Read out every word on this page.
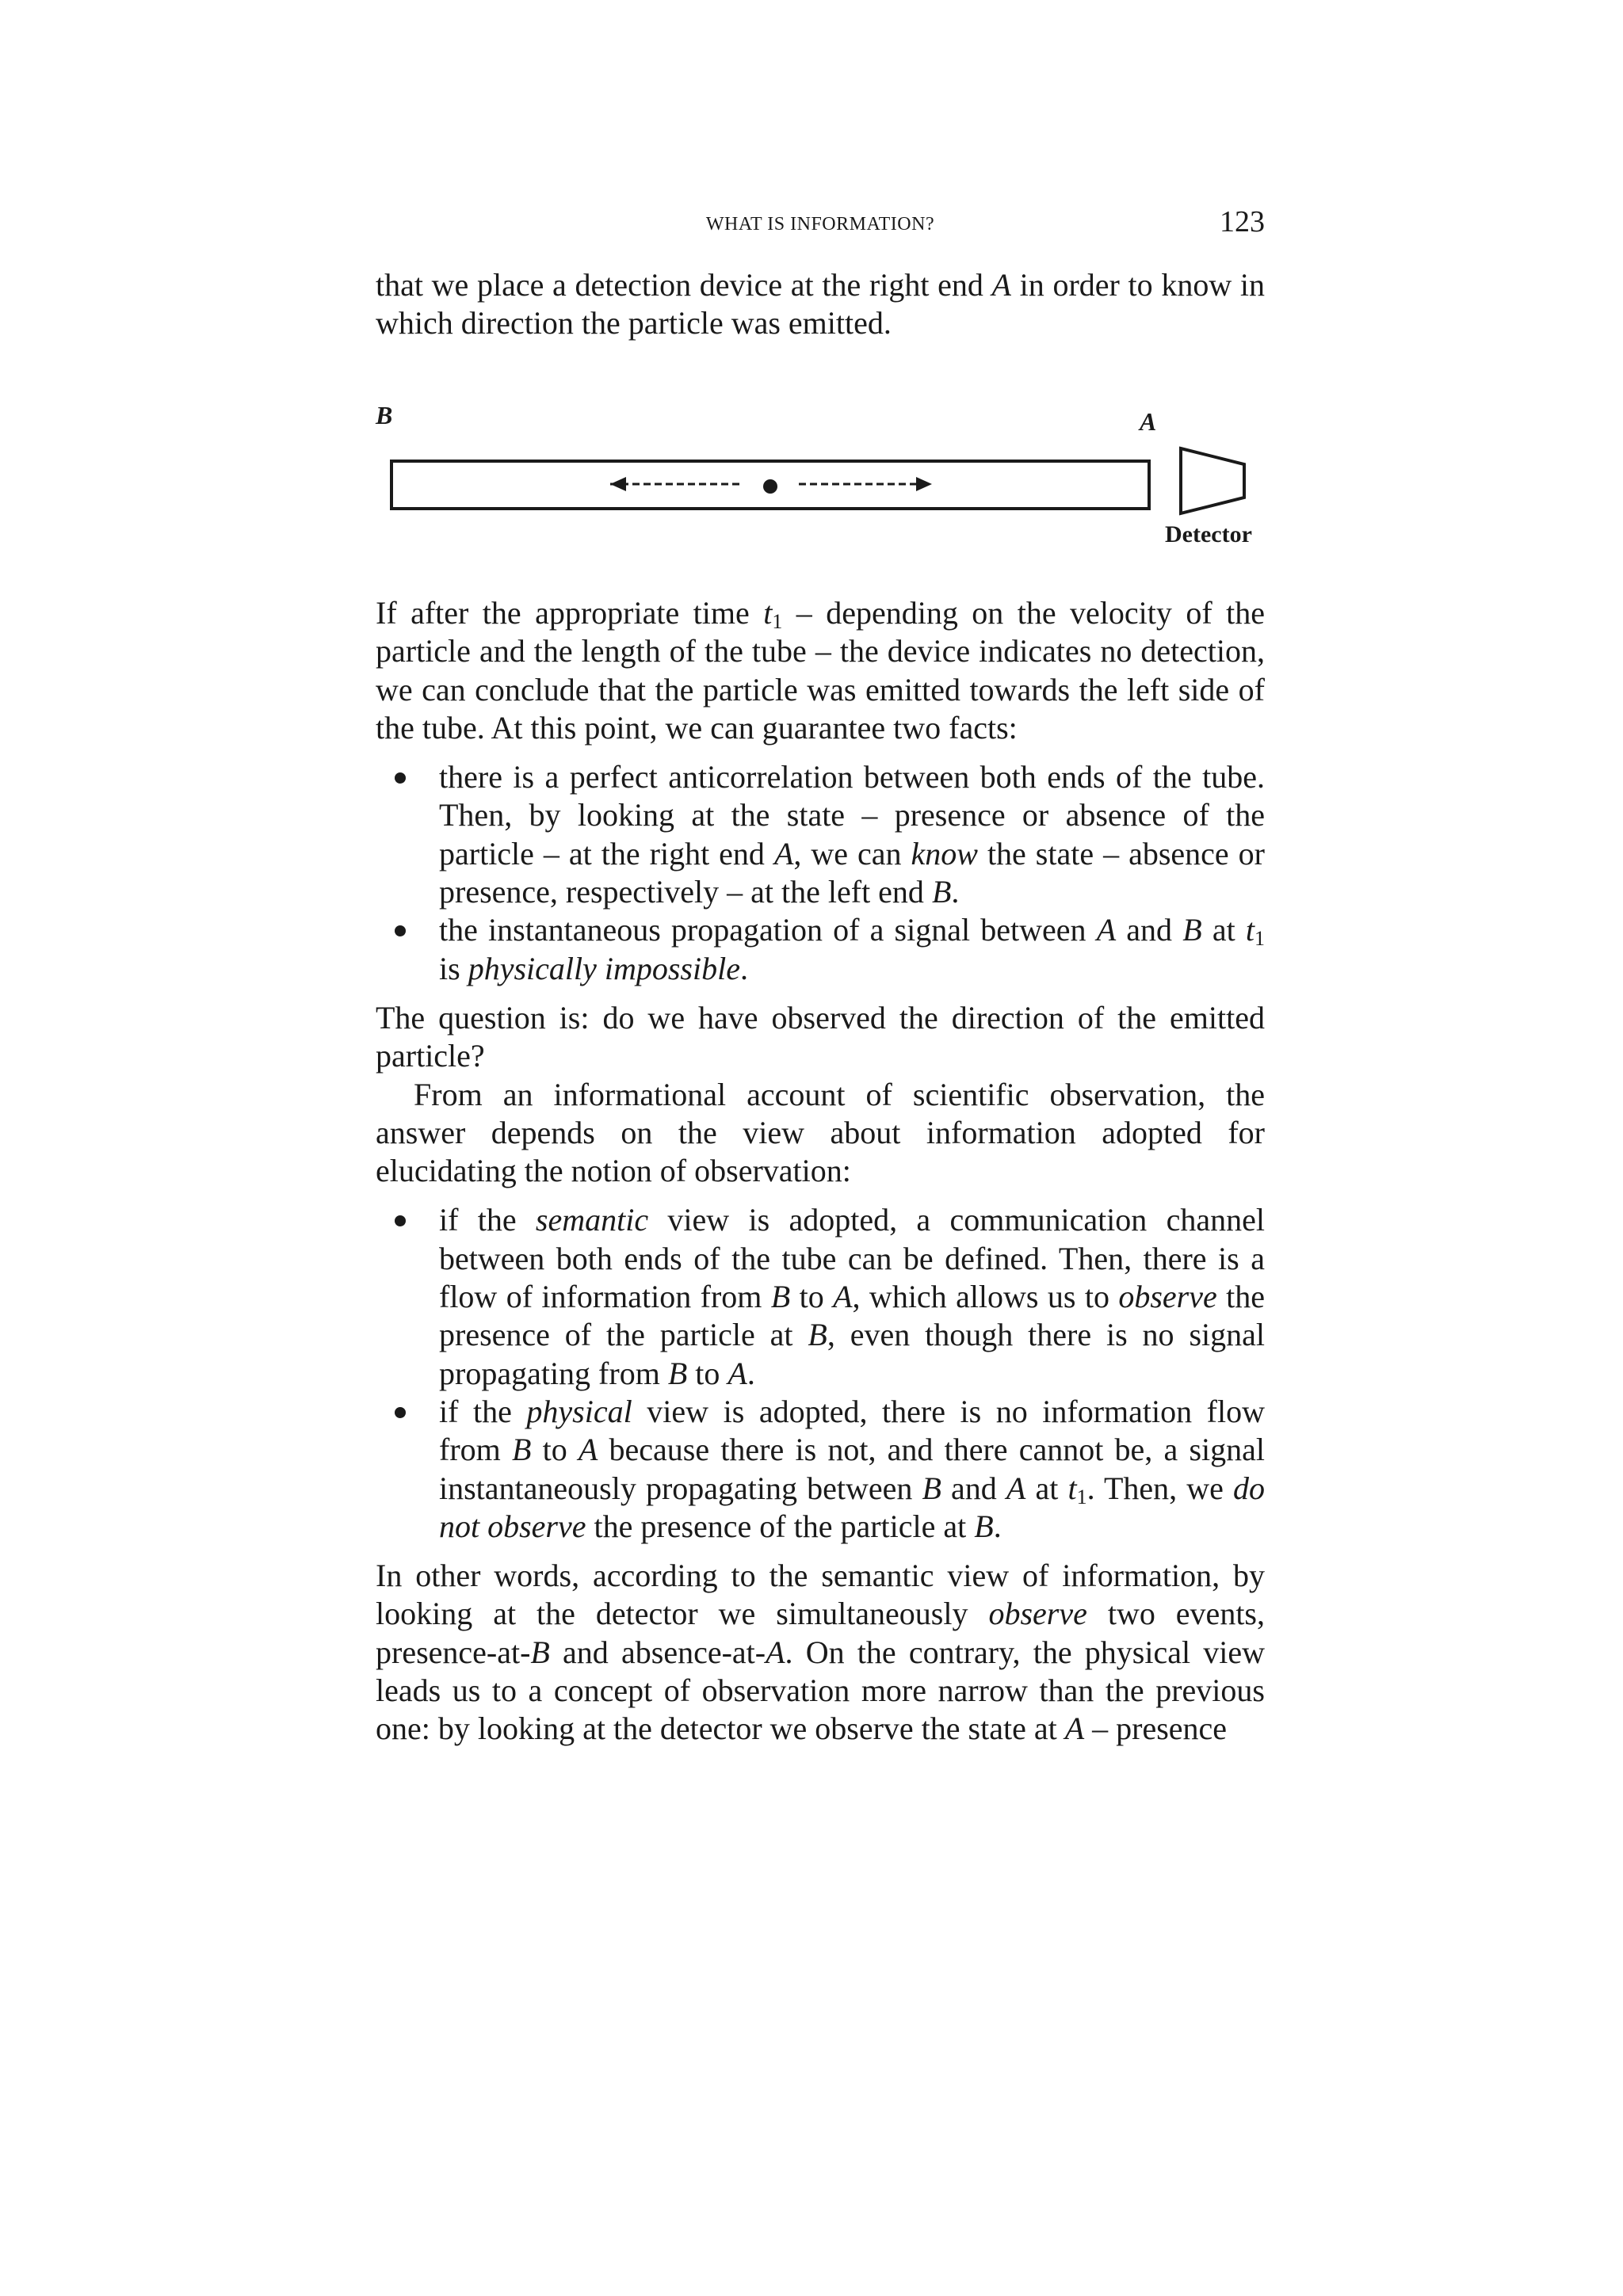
WHAT IS INFORMATION?	123

that we place a detection device at the right end A in order to know in which direction the particle was emitted.

B	A
Detector

If after the appropriate time $t_1$ – depending on the velocity of the particle and the length of the tube – the device indicates no detection, we can conclude that the particle was emitted towards the left side of the tube. At this point, we can guarantee two facts:

there is a perfect anticorrelation between both ends of the tube. Then, by looking at the state – presence or absence of the particle – at the right end A, we can know the state – absence or presence, respectively – at the left end B.
the instantaneous propagation of a signal between A and B at $t_1$ is physically impossible.

The question is: do we have observed the direction of the emitted particle?

From an informational account of scientific observation, the answer depends on the view about information adopted for elucidating the notion of observation:

if the semantic view is adopted, a communication channel between both ends of the tube can be defined. Then, there is a flow of information from B to A, which allows us to observe the presence of the particle at B, even though there is no signal propagating from B to A.
if the physical view is adopted, there is no information flow from B to A because there is not, and there cannot be, a signal instantaneously propagating between B and A at $t_1$. Then, we do not observe the presence of the particle at B.

In other words, according to the semantic view of information, by looking at the detector we simultaneously observe two events, presence-at-B and absence-at-A. On the contrary, the physical view leads us to a concept of observation more narrow than the previous one: by looking at the detector we observe the state at A – presence
